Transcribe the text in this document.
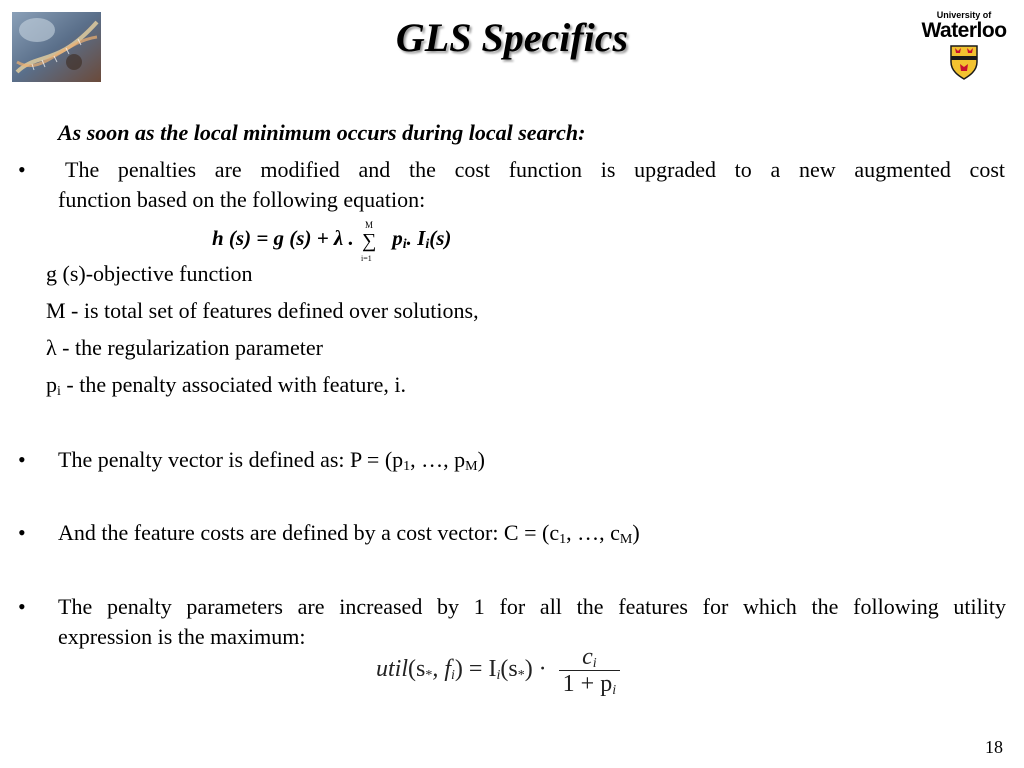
GLS Specifics	University of
Waterloo
As soon as the local minimum occurs during local search:
• The penalties are modified and the cost function is upgraded to a new augmented cost
function based on the following equation:
h (s) = g (s) + λ .
M
∑
i=1
$p_i$. $I_i(s)$
g (s)-objective function
M - is total set of features defined over solutions,
λ - the regularization parameter
$p_i$ - the penalty associated with feature, i.
• The penalty vector is defined as: $P = (p_1$, …, $p_M$)
• And the feature costs are defined by a cost vector: $C = (c_1$, …, $c_M$)
• The penalty parameters are increased by 1 for all the features for which the following utility
expression is the maximum:
$util(s_*$, $f_i) = I_i(s_*) \cdot \frac{c_i}{1 + p_i}$
18
